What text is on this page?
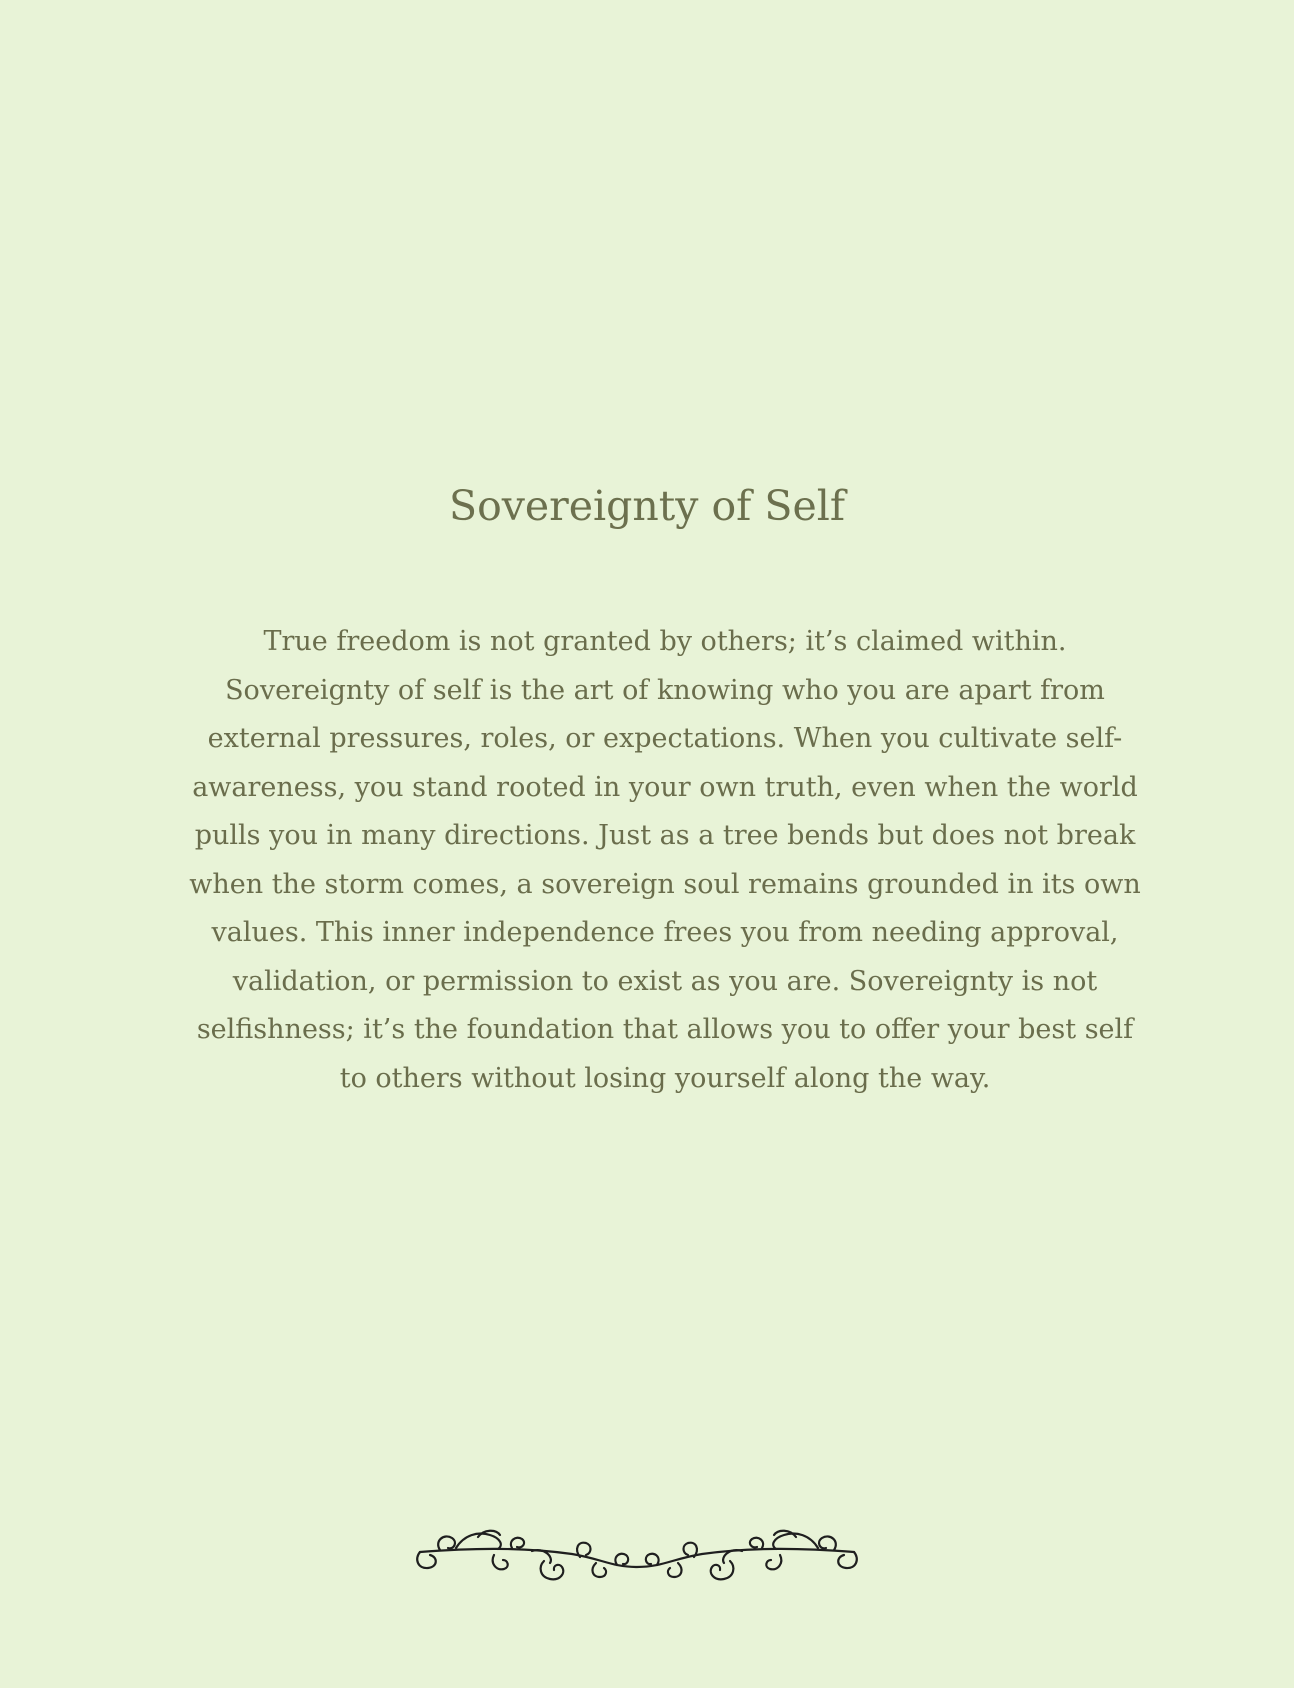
Sovereignty of Self

True freedom is not granted by others; it’s claimed within. Sovereignty of self is the art of knowing who you are apart from external pressures, roles, or expectations. When you cultivate self-awareness, you stand rooted in your own truth, even when the world pulls you in many directions. Just as a tree bends but does not break when the storm comes, a sovereign soul remains grounded in its own values. This inner independence frees you from needing approval, validation, or permission to exist as you are. Sovereignty is not selfishness; it’s the foundation that allows you to offer your best self to others without losing yourself along the way.
